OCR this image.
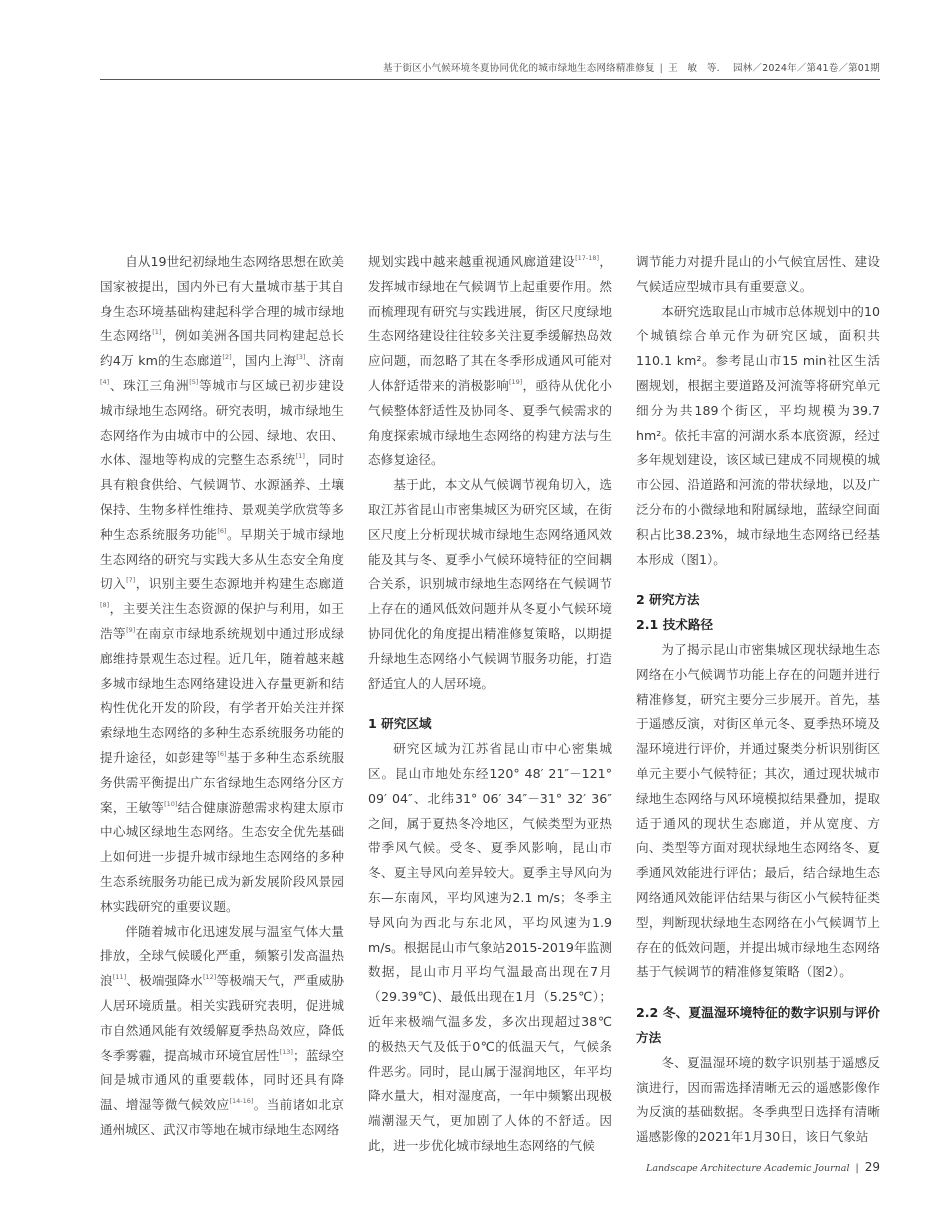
基于街区小气候环境冬夏协同优化的城市绿地生态网络精准修复 | 王　敏　等. 园林／2024年／第41卷／第01期

自从19世纪初绿地生态网络思想在欧美国家被提出，国内外已有大量城市基于其自身生态环境基础构建起科学合理的城市绿地生态网络[1]，例如美洲各国共同构建起总长约4万 km的生态廊道[2]，国内上海[3]、济南[4]、珠江三角洲[5]等城市与区域已初步建设城市绿地生态网络。研究表明，城市绿地生态网络作为由城市中的公园、绿地、农田、水体、湿地等构成的完整生态系统[1]，同时具有粮食供给、气候调节、水源涵养、土壤保持、生物多样性维持、景观美学欣赏等多种生态系统服务功能[6]。早期关于城市绿地生态网络的研究与实践大多从生态安全角度切入[7]，识别主要生态源地并构建生态廊道[8]，主要关注生态资源的保护与利用，如王浩等[9]在南京市绿地系统规划中通过形成绿廊维持景观生态过程。近几年，随着越来越多城市绿地生态网络建设进入存量更新和结构性优化开发的阶段，有学者开始关注并探索绿地生态网络的多种生态系统服务功能的提升途径，如彭建等[6]基于多种生态系统服务供需平衡提出广东省绿地生态网络分区方案，王敏等[10]结合健康游憩需求构建太原市中心城区绿地生态网络。生态安全优先基础上如何进一步提升城市绿地生态网络的多种生态系统服务功能已成为新发展阶段风景园林实践研究的重要议题。

伴随着城市化迅速发展与温室气体大量排放，全球气候暖化严重，频繁引发高温热浪[11]、极端强降水[12]等极端天气，严重威胁人居环境质量。相关实践研究表明，促进城市自然通风能有效缓解夏季热岛效应，降低冬季雾霾，提高城市环境宜居性[13]；蓝绿空间是城市通风的重要载体，同时还具有降温、增湿等微气候效应[14-16]。当前诸如北京通州城区、武汉市等地在城市绿地生态网络

规划实践中越来越重视通风廊道建设[17-18]，发挥城市绿地在气候调节上起重要作用。然而梳理现有研究与实践进展，街区尺度绿地生态网络建设往往较多关注夏季缓解热岛效应问题，而忽略了其在冬季形成通风可能对人体舒适带来的消极影响[19]，亟待从优化小气候整体舒适性及协同冬、夏季气候需求的角度探索城市绿地生态网络的构建方法与生态修复途径。

基于此，本文从气候调节视角切入，选取江苏省昆山市密集城区为研究区域，在街区尺度上分析现状城市绿地生态网络通风效能及其与冬、夏季小气候环境特征的空间耦合关系，识别城市绿地生态网络在气候调节上存在的通风低效问题并从冬夏小气候环境协同优化的角度提出精准修复策略，以期提升绿地生态网络小气候调节服务功能，打造舒适宜人的人居环境。

1 研究区域

研究区域为江苏省昆山市中心密集城区。昆山市地处东经120° 48′ 21″－121° 09′ 04″、北纬31° 06′ 34″－31° 32′ 36″之间，属于夏热冬冷地区，气候类型为亚热带季风气候。受冬、夏季风影响，昆山市冬、夏主导风向差异较大。夏季主导风向为东—东南风，平均风速为2.1 m/s；冬季主导风向为西北与东北风，平均风速为1.9 m/s。根据昆山市气象站2015-2019年监测数据，昆山市月平均气温最高出现在7月（29.39℃)、最低出现在1月（5.25℃）；近年来极端气温多发，多次出现超过38℃的极热天气及低于0℃的低温天气，气候条件恶劣。同时，昆山属于湿润地区，年平均降水量大，相对湿度高，一年中频繁出现极端潮湿天气，更加剧了人体的不舒适。因此，进一步优化城市绿地生态网络的气候

调节能力对提升昆山的小气候宜居性、建设气候适应型城市具有重要意义。

本研究选取昆山市城市总体规划中的10个城镇综合单元作为研究区域，面积共110.1 km²。参考昆山市15 min社区生活圈规划，根据主要道路及河流等将研究单元细分为共189个街区，平均规模为39.7 hm²。依托丰富的河湖水系本底资源，经过多年规划建设，该区域已建成不同规模的城市公园、沿道路和河流的带状绿地，以及广泛分布的小微绿地和附属绿地，蓝绿空间面积占比38.23%，城市绿地生态网络已经基本形成（图1）。

2 研究方法
2.1 技术路径

为了揭示昆山市密集城区现状绿地生态网络在小气候调节功能上存在的问题并进行精准修复，研究主要分三步展开。首先，基于遥感反演，对街区单元冬、夏季热环境及湿环境进行评价，并通过聚类分析识别街区单元主要小气候特征；其次，通过现状城市绿地生态网络与风环境模拟结果叠加，提取适于通风的现状生态廊道，并从宽度、方向、类型等方面对现状绿地生态网络冬、夏季通风效能进行评估；最后，结合绿地生态网络通风效能评估结果与街区小气候特征类型，判断现状绿地生态网络在小气候调节上存在的低效问题，并提出城市绿地生态网络基于气候调节的精准修复策略（图2）。

2.2 冬、夏温湿环境特征的数字识别与评价方法

冬、夏温湿环境的数字识别基于遥感反演进行，因而需选择清晰无云的遥感影像作为反演的基础数据。冬季典型日选择有清晰遥感影像的2021年1月30日，该日气象站

Landscape Architecture Academic Journal | 29
